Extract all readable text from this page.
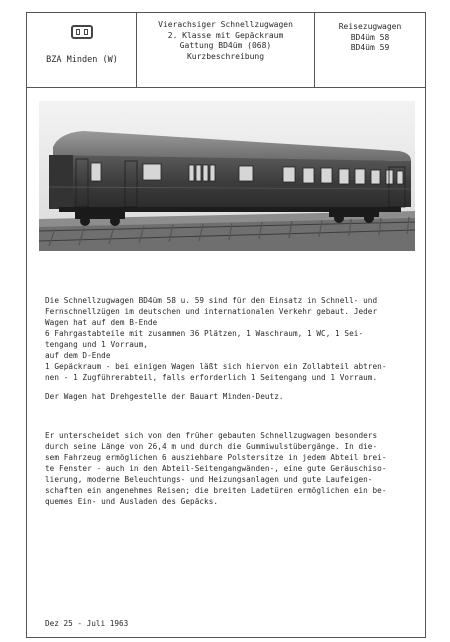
BZA Minden (W)
Vierachsiger Schnellzugwagen
2. Klasse mit Gepäckraum
Gattung BD4üm (068)
Kurzbeschreibung
Reisezugwagen
BD4üm 58
BD4üm 59
Die Schnellzugwagen BD4üm 58 u. 59 sind für den Einsatz in Schnell- und
Fernschnellzügen im deutschen und internationalen Verkehr gebaut. Jeder
Wagen hat auf dem B-Ende
6 Fahrgastabteile mit zusammen 36 Plätzen, 1 Waschraum, 1 WC, 1 Sei-
tengang und 1 Vorraum,
auf dem D-Ende
1 Gepäckraum - bei einigen Wagen läßt sich hiervon ein Zollabteil abtren-
nen - 1 Zugführerabteil, falls erforderlich 1 Seitengang und 1 Vorraum.
Der Wagen hat Drehgestelle der Bauart Minden-Deutz.
Er unterscheidet sich von den früher gebauten Schnellzugwagen besonders
durch seine Länge von 26,4 m und durch die Gummiwulstübergänge. In die-
sem Fahrzeug ermöglichen 6 ausziehbare Polstersitze in jedem Abteil brei-
te Fenster - auch in den Abteil-Seitengangwänden-, eine gute Geräuschiso-
lierung, moderne Beleuchtungs- und Heizungsanlagen und gute Laufeigen-
schaften ein angenehmes Reisen; die breiten Ladetüren ermöglichen ein be-
quemes Ein- und Ausladen des Gepäcks.
Dez 25 - Juli 1963
